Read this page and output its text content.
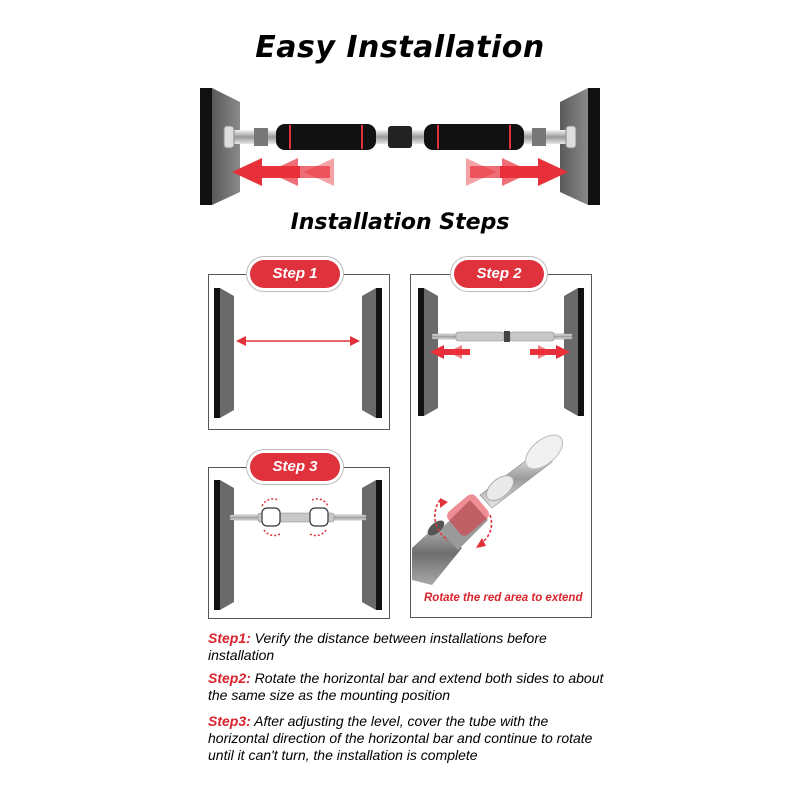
Easy Installation
Installation Steps
Step 1	Step 2
Step 3
Rotate the red area to extend
Step1: Verify the distance between installations before installation
Step2: Rotate the horizontal bar and extend both sides to about the same size as the mounting position
Step3: After adjusting the level, cover the tube with the horizontal direction of the horizontal bar and continue to rotate until it can't turn, the installation is complete
